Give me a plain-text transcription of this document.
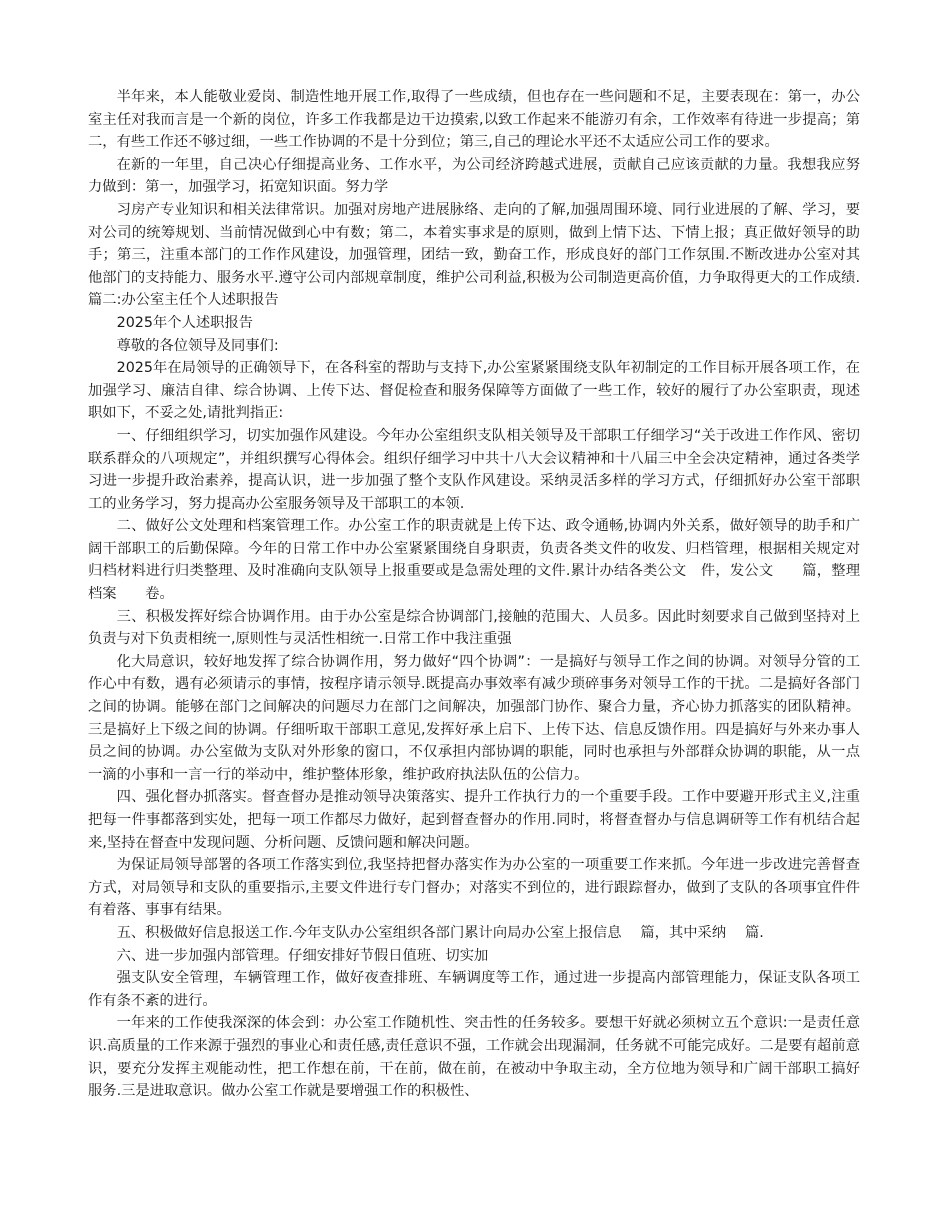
半年来，本人能敬业爱岗、制造性地开展工作,取得了一些成绩，但也存在一些问题和不足，主要表现在：第一，办公室主任对我而言是一个新的岗位，许多工作我都是边干边摸索,以致工作起来不能游刃有余，工作效率有待进一步提高；第二，有些工作还不够过细，一些工作协调的不是十分到位；第三,自己的理论水平还不太适应公司工作的要求。

在新的一年里，自己决心仔细提高业务、工作水平，为公司经济跨越式进展，贡献自己应该贡献的力量。我想我应努力做到：第一，加强学习，拓宽知识面。努力学

习房产专业知识和相关法律常识。加强对房地产进展脉络、走向的了解,加强周围环境、同行业进展的了解、学习，要对公司的统筹规划、当前情况做到心中有数；第二，本着实事求是的原则，做到上情下达、下情上报；真正做好领导的助手；第三，注重本部门的工作作风建设，加强管理，团结一致，勤奋工作，形成良好的部门工作氛围.不断改进办公室对其他部门的支持能力、服务水平.遵守公司内部规章制度，维护公司利益,积极为公司制造更高价值，力争取得更大的工作成绩.篇二:办公室主任个人述职报告

2025年个人述职报告

尊敬的各位领导及同事们:

2025年在局领导的正确领导下，在各科室的帮助与支持下,办公室紧紧围绕支队年初制定的工作目标开展各项工作，在加强学习、廉洁自律、综合协调、上传下达、督促检查和服务保障等方面做了一些工作，较好的履行了办公室职责，现述职如下，不妥之处,请批判指正:

一、仔细组织学习，切实加强作风建设。今年办公室组织支队相关领导及干部职工仔细学习“关于改进工作作风、密切联系群众的八项规定”，并组织撰写心得体会。组织仔细学习中共十八大会议精神和十八届三中全会决定精神，通过各类学习进一步提升政治素养，提高认识，进一步加强了整个支队作风建设。采纳灵活多样的学习方式，仔细抓好办公室干部职工的业务学习，努力提高办公室服务领导及干部职工的本领.

二、做好公文处理和档案管理工作。办公室工作的职责就是上传下达、政令通畅,协调内外关系，做好领导的助手和广阔干部职工的后勤保障。今年的日常工作中办公室紧紧围绕自身职责，负责各类文件的收发、归档管理，根据相关规定对归档材料进行归类整理、及时准确向支队领导上报重要或是急需处理的文件.累计办结各类公文　件，发公文　　篇，整理档案　　卷。

三、积极发挥好综合协调作用。由于办公室是综合协调部门,接触的范围大、人员多。因此时刻要求自己做到坚持对上负责与对下负责相统一,原则性与灵活性相统一.日常工作中我注重强

化大局意识，较好地发挥了综合协调作用，努力做好“四个协调”：一是搞好与领导工作之间的协调。对领导分管的工作心中有数，遇有必须请示的事情，按程序请示领导.既提高办事效率有减少琐碎事务对领导工作的干扰。二是搞好各部门之间的协调。能够在部门之间解决的问题尽力在部门之间解决，加强部门协作、聚合力量，齐心协力抓落实的团队精神。三是搞好上下级之间的协调。仔细听取干部职工意见,发挥好承上启下、上传下达、信息反馈作用。四是搞好与外来办事人员之间的协调。办公室做为支队对外形象的窗口，不仅承担内部协调的职能，同时也承担与外部群众协调的职能，从一点一滴的小事和一言一行的举动中，维护整体形象，维护政府执法队伍的公信力。

四、强化督办抓落实。督查督办是推动领导决策落实、提升工作执行力的一个重要手段。工作中要避开形式主义,注重把每一件事都落到实处，把每一项工作都尽力做好，起到督查督办的作用.同时，将督查督办与信息调研等工作有机结合起来,坚持在督查中发现问题、分析问题、反馈问题和解决问题。

为保证局领导部署的各项工作落实到位,我坚持把督办落实作为办公室的一项重要工作来抓。今年进一步改进完善督查方式，对局领导和支队的重要指示,主要文件进行专门督办；对落实不到位的，进行跟踪督办，做到了支队的各项事宜件件有着落、事事有结果。

五、积极做好信息报送工作.今年支队办公室组织各部门累计向局办公室上报信息　 篇，其中采纳　 篇.

六、进一步加强内部管理。仔细安排好节假日值班、切实加

强支队安全管理，车辆管理工作，做好夜查排班、车辆调度等工作，通过进一步提高内部管理能力，保证支队各项工作有条不紊的进行。

一年来的工作使我深深的体会到：办公室工作随机性、突击性的任务较多。要想干好就必须树立五个意识:一是责任意识.高质量的工作来源于强烈的事业心和责任感,责任意识不强，工作就会出现漏洞，任务就不可能完成好。二是要有超前意识，要充分发挥主观能动性，把工作想在前，干在前，做在前，在被动中争取主动，全方位地为领导和广阔干部职工搞好服务.三是进取意识。做办公室工作就是要增强工作的积极性、
